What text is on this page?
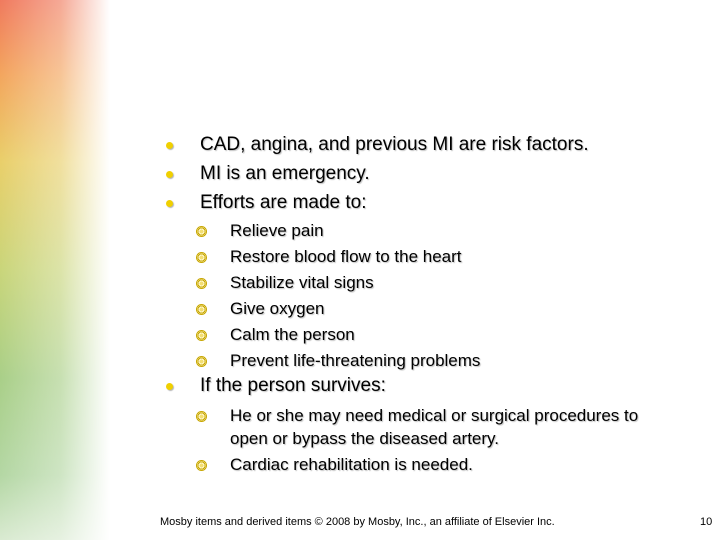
CAD, angina, and previous MI are risk factors.
MI is an emergency.
Efforts are made to:
Relieve pain
Restore blood flow to the heart
Stabilize vital signs
Give oxygen
Calm the person
Prevent life-threatening problems
If the person survives:
He or she may need medical or surgical procedures to
open or bypass the diseased artery.
Cardiac rehabilitation is needed.
Mosby items and derived items © 2008 by Mosby, Inc., an affiliate of Elsevier Inc.	10
